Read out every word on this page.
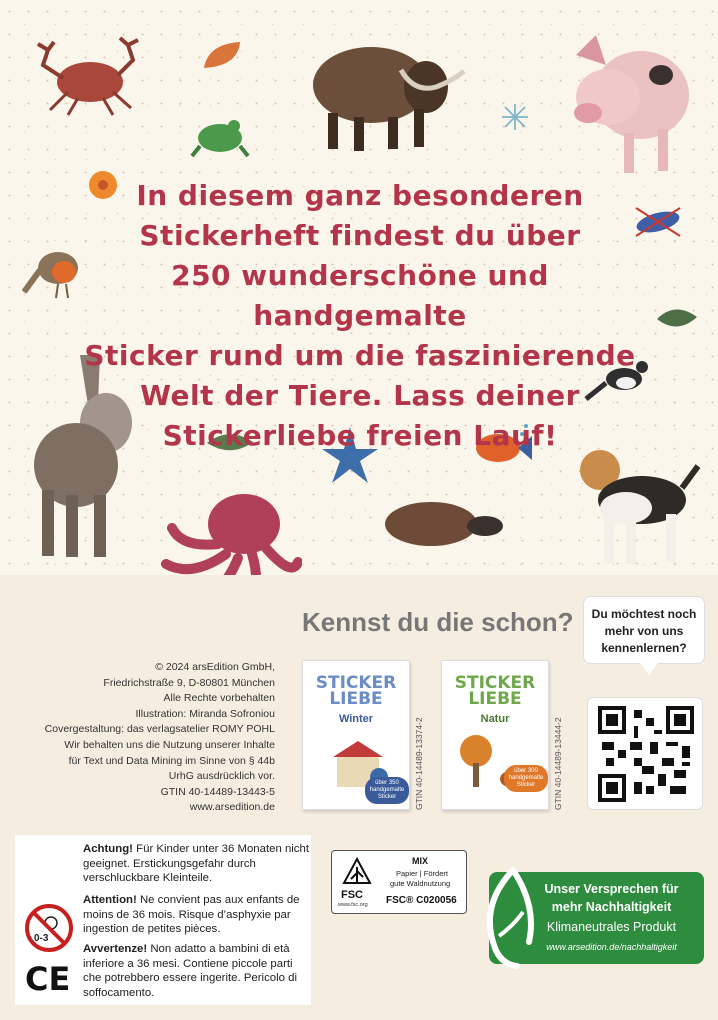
In diesem ganz besonderen
Stickerheft findest du über
250 wunderschöne und handgemalte
Sticker rund um die faszinierende
Welt der Tiere. Lass deiner
Stickerliebe freien Lauf!
Kennst du die schon?
© 2024 arsEdition GmbH,
Friedrichstraße 9, D-80801 München
Alle Rechte vorbehalten
Illustration: Miranda Sofroniou
Covergestaltung: das verlagsatelier ROMY POHL
Wir behalten uns die Nutzung unserer Inhalte
für Text und Data Mining im Sinne von § 44b
UrhG ausdrücklich vor.
GTIN 40-14489-13443-5
www.arsedition.de
STICKER LIEBE
Winter
über 350 handgemalte Sticker	GTIN 40-14489-13374-2
STICKER LIEBE
Natur
über 300 handgemalte Sticker	GTIN 40-14489-13444-2
Du möchtest noch mehr von uns kennenlernen?
0-3
CE

Achtung! Für Kinder unter 36 Monaten nicht geeignet. Erstickungsgefahr durch verschluckbare Kleinteile.

Attention! Ne convient pas aux enfants de moins de 36 mois. Risque d’asphyxie par ingestion de petites pièces.

Avvertenze! Non adatto a bambini di età inferiore a 36 mesi. Contiene piccole parti che potrebbero essere ingerite. Pericolo di soffocamento.

FSC
www.fsc.org
MIX
Papier | Fördert
gute Waldnutzung
FSC® C020056
Unser Versprechen für
mehr Nachhaltigkeit
Klimaneutrales Produkt
www.arsedition.de/nachhaltigkeit
